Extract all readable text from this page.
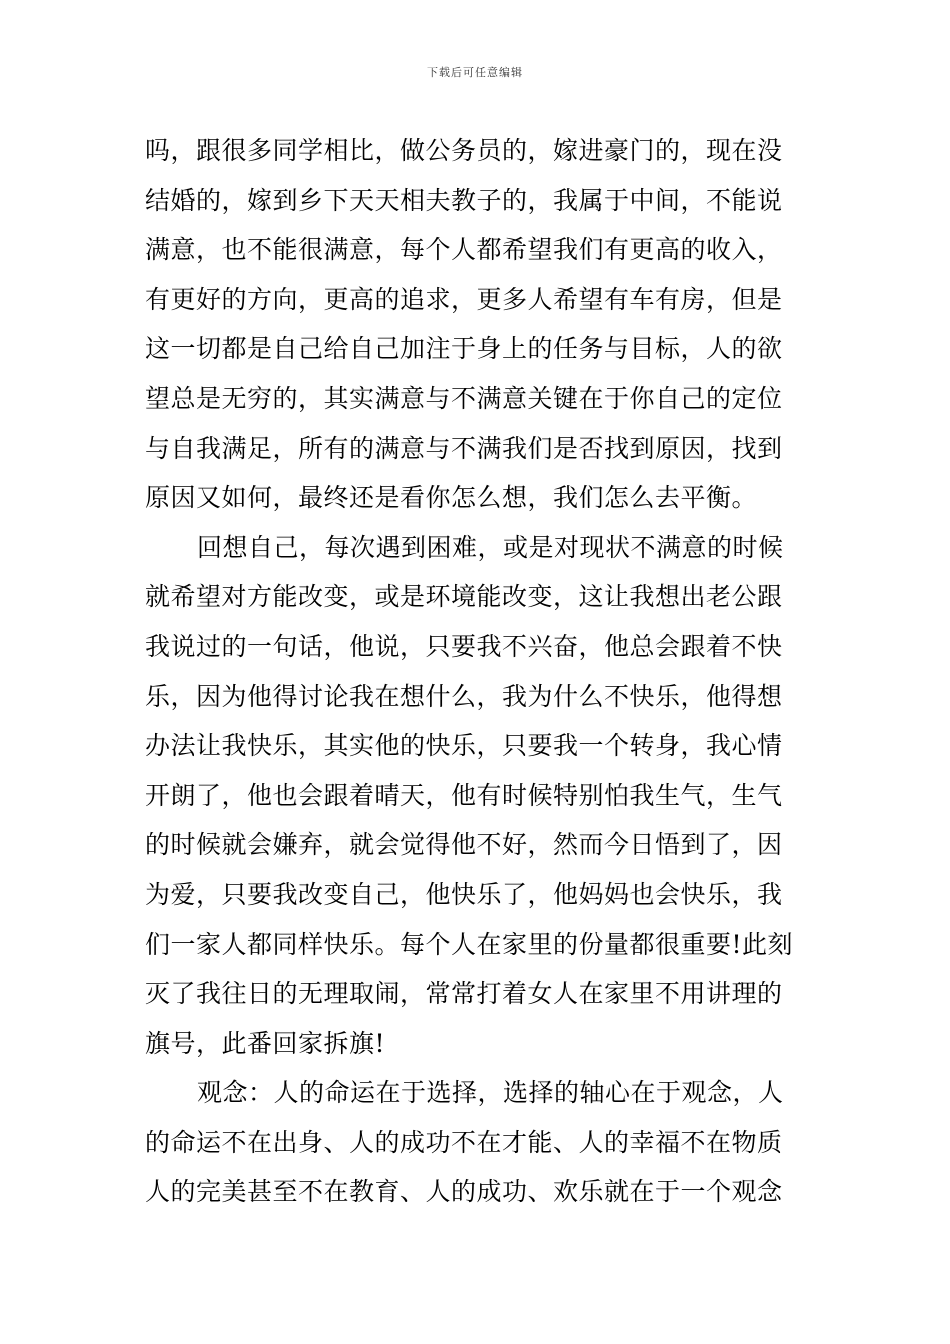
下载后可任意编辑
吗，跟很多同学相比，做公务员的，嫁进豪门的，现在没
结婚的，嫁到乡下天天相夫教子的，我属于中间，不能说
满意，也不能很满意，每个人都希望我们有更高的收入，
有更好的方向，更高的追求，更多人希望有车有房，但是
这一切都是自己给自己加注于身上的任务与目标，人的欲
望总是无穷的，其实满意与不满意关键在于你自己的定位
与自我满足，所有的满意与不满我们是否找到原因，找到
原因又如何，最终还是看你怎么想，我们怎么去平衡。
回想自己，每次遇到困难，或是对现状不满意的时候
就希望对方能改变，或是环境能改变，这让我想出老公跟
我说过的一句话，他说，只要我不兴奋，他总会跟着不快
乐，因为他得讨论我在想什么，我为什么不快乐，他得想
办法让我快乐，其实他的快乐，只要我一个转身，我心情
开朗了，他也会跟着晴天，他有时候特别怕我生气，生气
的时候就会嫌弃，就会觉得他不好，然而今日悟到了，因
为爱，只要我改变自己，他快乐了，他妈妈也会快乐，我
们一家人都同样快乐。每个人在家里的份量都很重要!此刻
灭了我往日的无理取闹，常常打着女人在家里不用讲理的
旗号，此番回家拆旗!
观念：人的命运在于选择，选择的轴心在于观念，人
的命运不在出身、人的成功不在才能、人的幸福不在物质
人的完美甚至不在教育、人的成功、欢乐就在于一个观念
